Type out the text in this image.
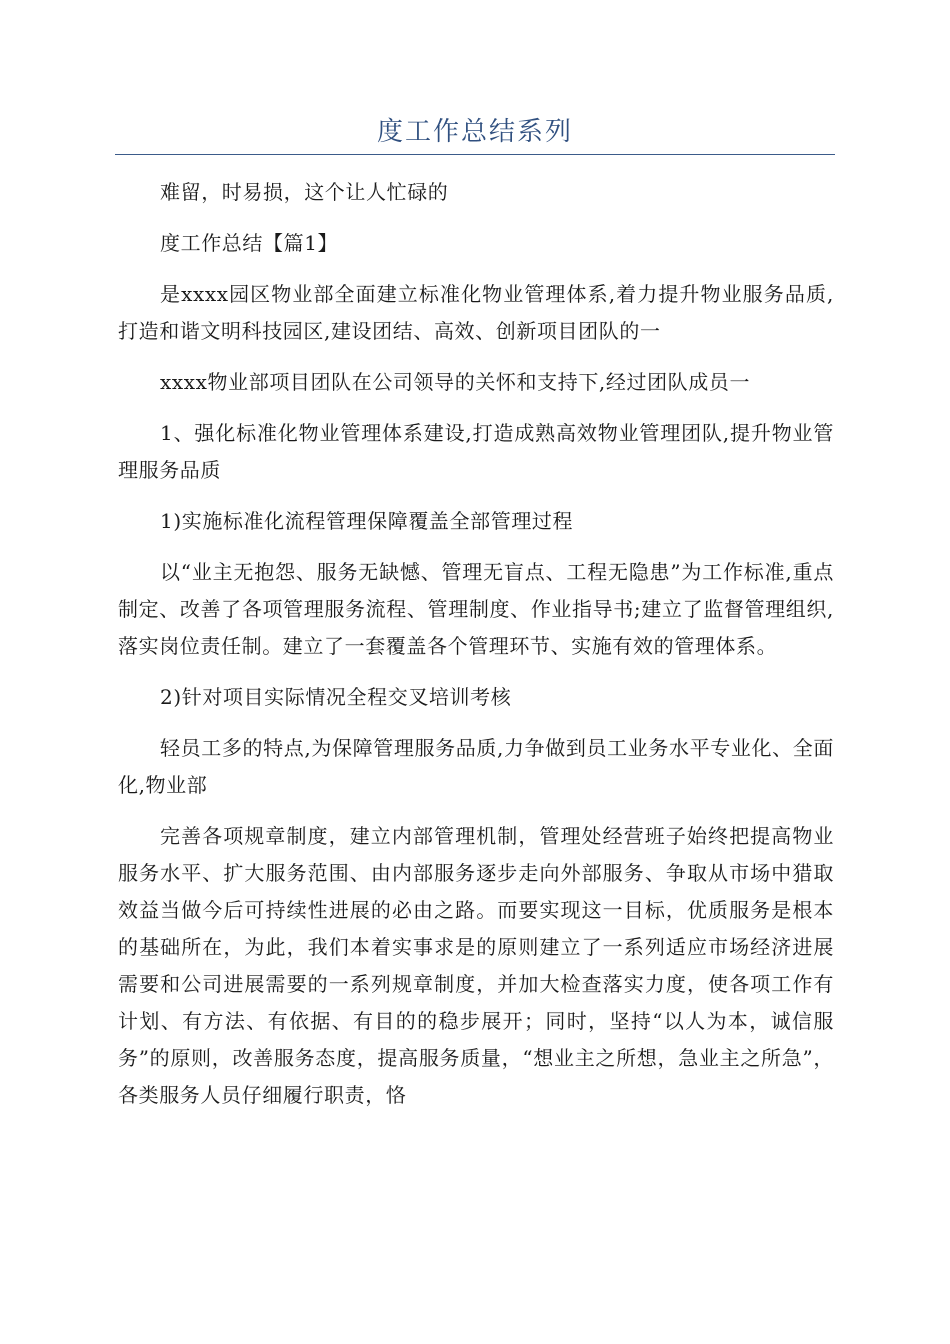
度工作总结系列

难留，时易损，这个让人忙碌的

度工作总结【篇1】

是xxxx园区物业部全面建立标准化物业管理体系,着力提升物业服务品质,打造和谐文明科技园区,建设团结、高效、创新项目团队的一

xxxx物业部项目团队在公司领导的关怀和支持下,经过团队成员一

1、强化标准化物业管理体系建设,打造成熟高效物业管理团队,提升物业管理服务品质

1)实施标准化流程管理保障覆盖全部管理过程

以“业主无抱怨、服务无缺憾、管理无盲点、工程无隐患”为工作标准,重点制定、改善了各项管理服务流程、管理制度、作业指导书;建立了监督管理组织,落实岗位责任制。建立了一套覆盖各个管理环节、实施有效的管理体系。

2)针对项目实际情况全程交叉培训考核

轻员工多的特点,为保障管理服务品质,力争做到员工业务水平专业化、全面化,物业部

完善各项规章制度，建立内部管理机制，管理处经营班子始终把提高物业服务水平、扩大服务范围、由内部服务逐步走向外部服务、争取从市场中猎取效益当做今后可持续性进展的必由之路。而要实现这一目标，优质服务是根本的基础所在，为此，我们本着实事求是的原则建立了一系列适应市场经济进展需要和公司进展需要的一系列规章制度，并加大检查落实力度，使各项工作有计划、有方法、有依据、有目的的稳步展开；同时，坚持“以人为本，诚信服务”的原则，改善服务态度，提高服务质量，“想业主之所想，急业主之所急”，各类服务人员仔细履行职责，恪
